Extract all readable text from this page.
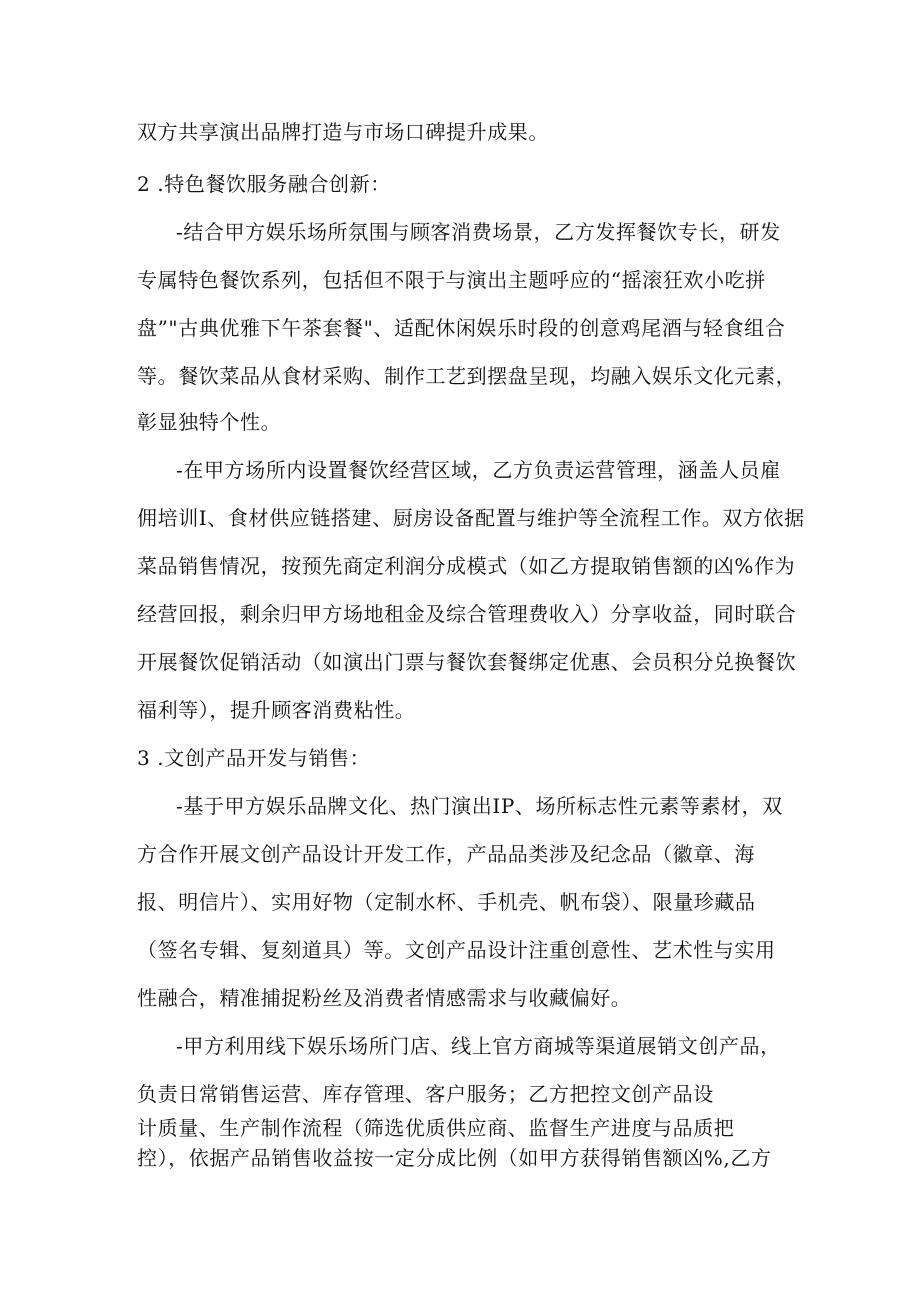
双方共享演出品牌打造与市场口碑提升成果。
2 .特色餐饮服务融合创新：
-结合甲方娱乐场所氛围与顾客消费场景，乙方发挥餐饮专长，研发
专属特色餐饮系列，包括但不限于与演出主题呼应的“摇滚狂欢小吃拼
盘”"古典优雅下午茶套餐"、适配休闲娱乐时段的创意鸡尾酒与轻食组合
等。餐饮菜品从食材采购、制作工艺到摆盘呈现，均融入娱乐文化元素，
彰显独特个性。
-在甲方场所内设置餐饮经营区域，乙方负责运营管理，涵盖人员雇
佣培训I、食材供应链搭建、厨房设备配置与维护等全流程工作。双方依据
菜品销售情况，按预先商定利润分成模式（如乙方提取销售额的凶%作为
经营回报，剩余归甲方场地租金及综合管理费收入）分享收益，同时联合
开展餐饮促销活动（如演出门票与餐饮套餐绑定优惠、会员积分兑换餐饮
福利等），提升顾客消费粘性。
3 .文创产品开发与销售：
-基于甲方娱乐品牌文化、热门演出IP、场所标志性元素等素材，双
方合作开展文创产品设计开发工作，产品品类涉及纪念品（徽章、海
报、明信片）、实用好物（定制水杯、手机壳、帆布袋）、限量珍藏品
（签名专辑、复刻道具）等。文创产品设计注重创意性、艺术性与实用
性融合，精准捕捉粉丝及消费者情感需求与收藏偏好。
-甲方利用线下娱乐场所门店、线上官方商城等渠道展销文创产品，
负责日常销售运营、库存管理、客户服务；乙方把控文创产品设
计质量、生产制作流程（筛选优质供应商、监督生产进度与品质把
控），依据产品销售收益按一定分成比例（如甲方获得销售额凶%,乙方
